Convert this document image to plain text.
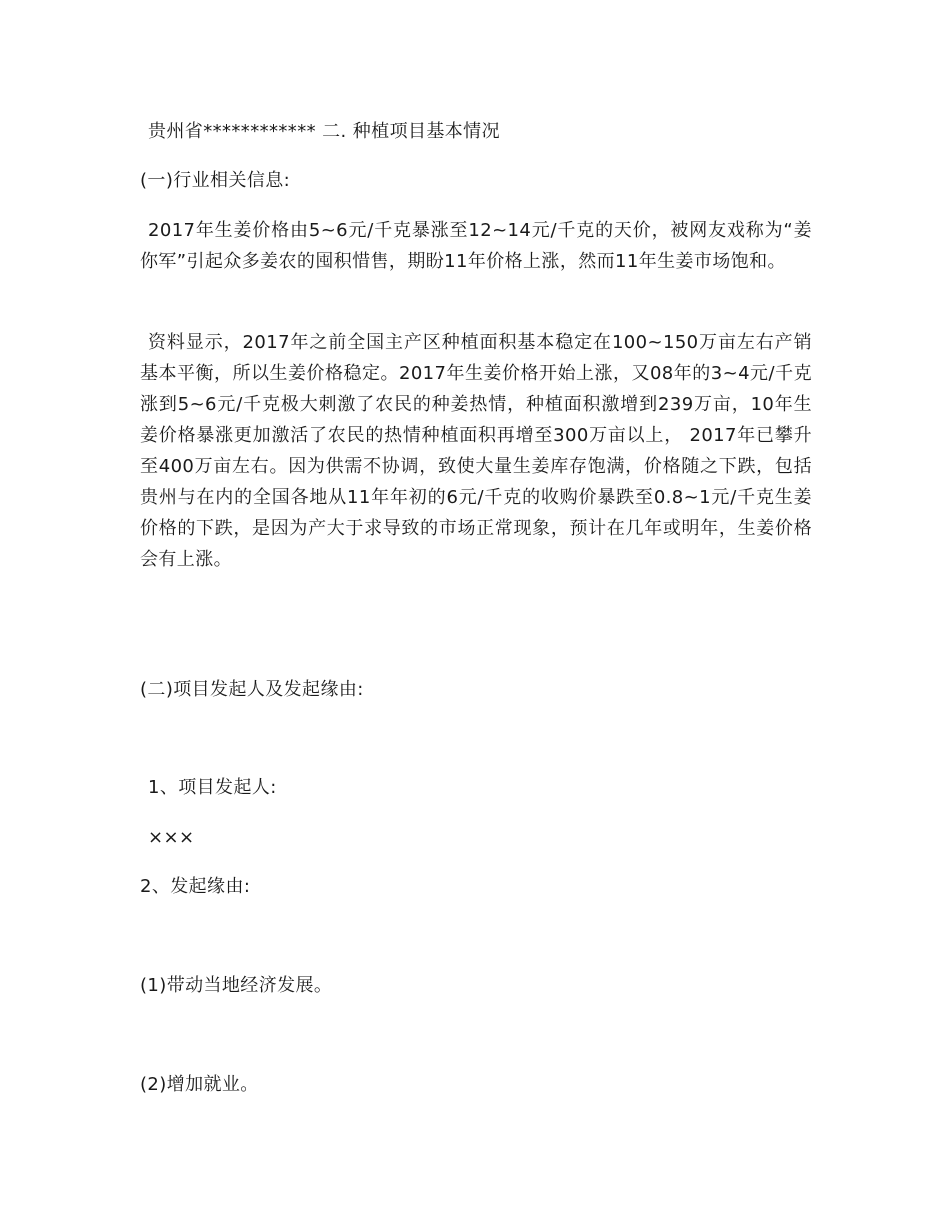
贵州省************ 二. 种植项目基本情况
(一)行业相关信息:

2017年生姜价格由5~6元/千克暴涨至12~14元/千克的天价，被网友戏称为“姜你军”引起众多姜农的囤积惜售，期盼11年价格上涨，然而11年生姜市场饱和。

资料显示，2017年之前全国主产区种植面积基本稳定在100~150万亩左右产销基本平衡，所以生姜价格稳定。2017年生姜价格开始上涨，又08年的3~4元/千克涨到5~6元/千克极大刺激了农民的种姜热情，种植面积激增到239万亩，10年生姜价格暴涨更加激活了农民的热情种植面积再增至300万亩以上， 2017年已攀升至400万亩左右。因为供需不协调，致使大量生姜库存饱满，价格随之下跌，包括贵州与在内的全国各地从11年年初的6元/千克的收购价暴跌至0.8~1元/千克生姜价格的下跌，是因为产大于求导致的市场正常现象，预计在几年或明年，生姜价格会有上涨。

(二)项目发起人及发起缘由:
1、项目发起人:
×××
2、发起缘由:
(1)带动当地经济发展。
(2)增加就业。
